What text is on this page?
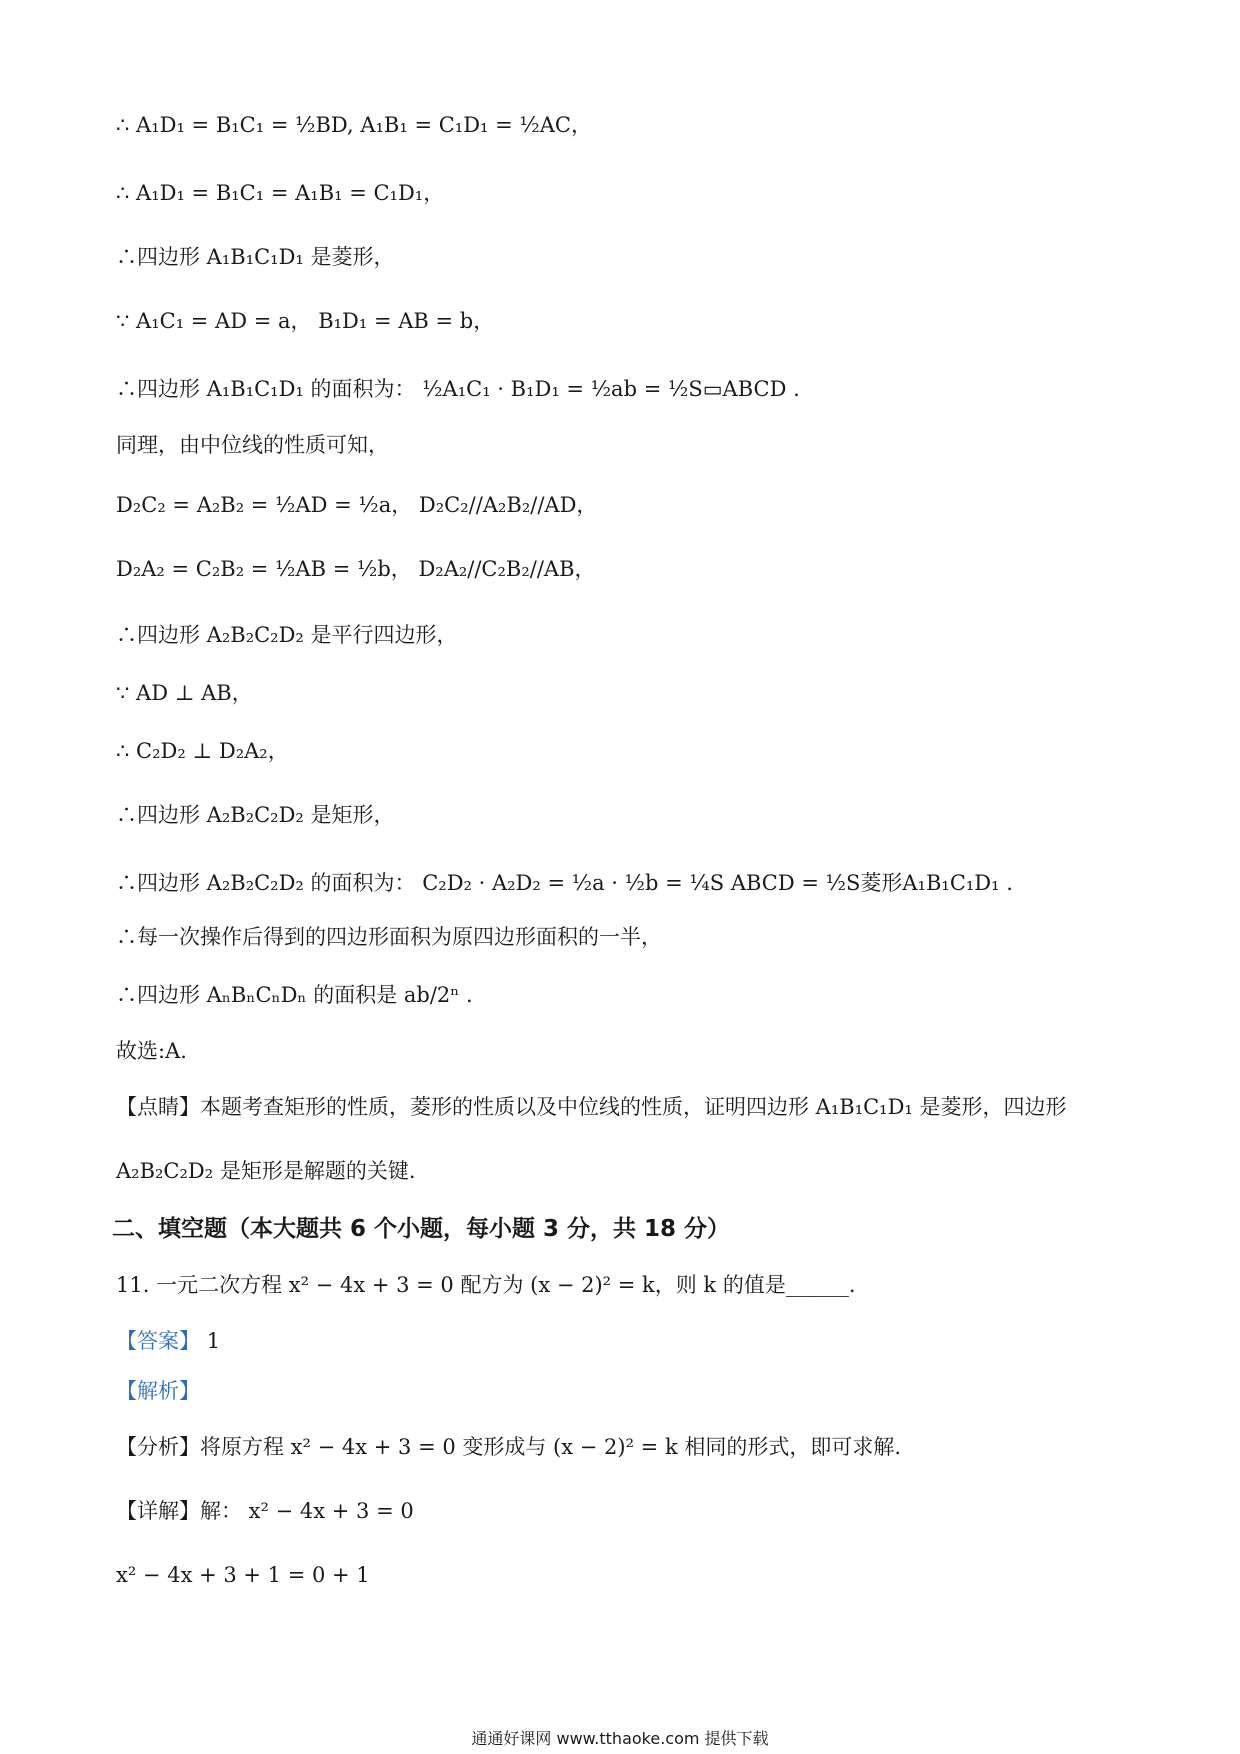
∴ A₁D₁ = B₁C₁ = ½BD, A₁B₁ = C₁D₁ = ½AC，
∴ A₁D₁ = B₁C₁ = A₁B₁ = C₁D₁，
∴四边形 A₁B₁C₁D₁ 是菱形，
∵ A₁C₁ = AD = a， B₁D₁ = AB = b，
∴四边形 A₁B₁C₁D₁ 的面积为： ½A₁C₁ · B₁D₁ = ½ab = ½S▭ABCD .
同理，由中位线的性质可知，
D₂C₂ = A₂B₂ = ½AD = ½a， D₂C₂//A₂B₂//AD，
D₂A₂ = C₂B₂ = ½AB = ½b， D₂A₂//C₂B₂//AB，
∴四边形 A₂B₂C₂D₂ 是平行四边形，
∵ AD ⊥ AB，
∴ C₂D₂ ⊥ D₂A₂，
∴四边形 A₂B₂C₂D₂ 是矩形，
∴四边形 A₂B₂C₂D₂ 的面积为： C₂D₂ · A₂D₂ = ½a · ½b = ¼S ABCD = ½S菱形A₁B₁C₁D₁ .
∴每一次操作后得到的四边形面积为原四边形面积的一半，
∴四边形 AₙBₙCₙDₙ 的面积是 ab/2ⁿ .
故选:A.
【点睛】本题考查矩形的性质，菱形的性质以及中位线的性质，证明四边形 A₁B₁C₁D₁ 是菱形，四边形
A₂B₂C₂D₂ 是矩形是解题的关键.
二、填空题（本大题共 6 个小题，每小题 3 分，共 18 分）
11. 一元二次方程 x² − 4x + 3 = 0 配方为 (x − 2)² = k，则 k 的值是______.
【答案】 1
【解析】
【分析】将原方程 x² − 4x + 3 = 0 变形成与 (x − 2)² = k 相同的形式，即可求解.
【详解】解： x² − 4x + 3 = 0
x² − 4x + 3 + 1 = 0 + 1
通通好课网 www.tthaoke.com 提供下载
